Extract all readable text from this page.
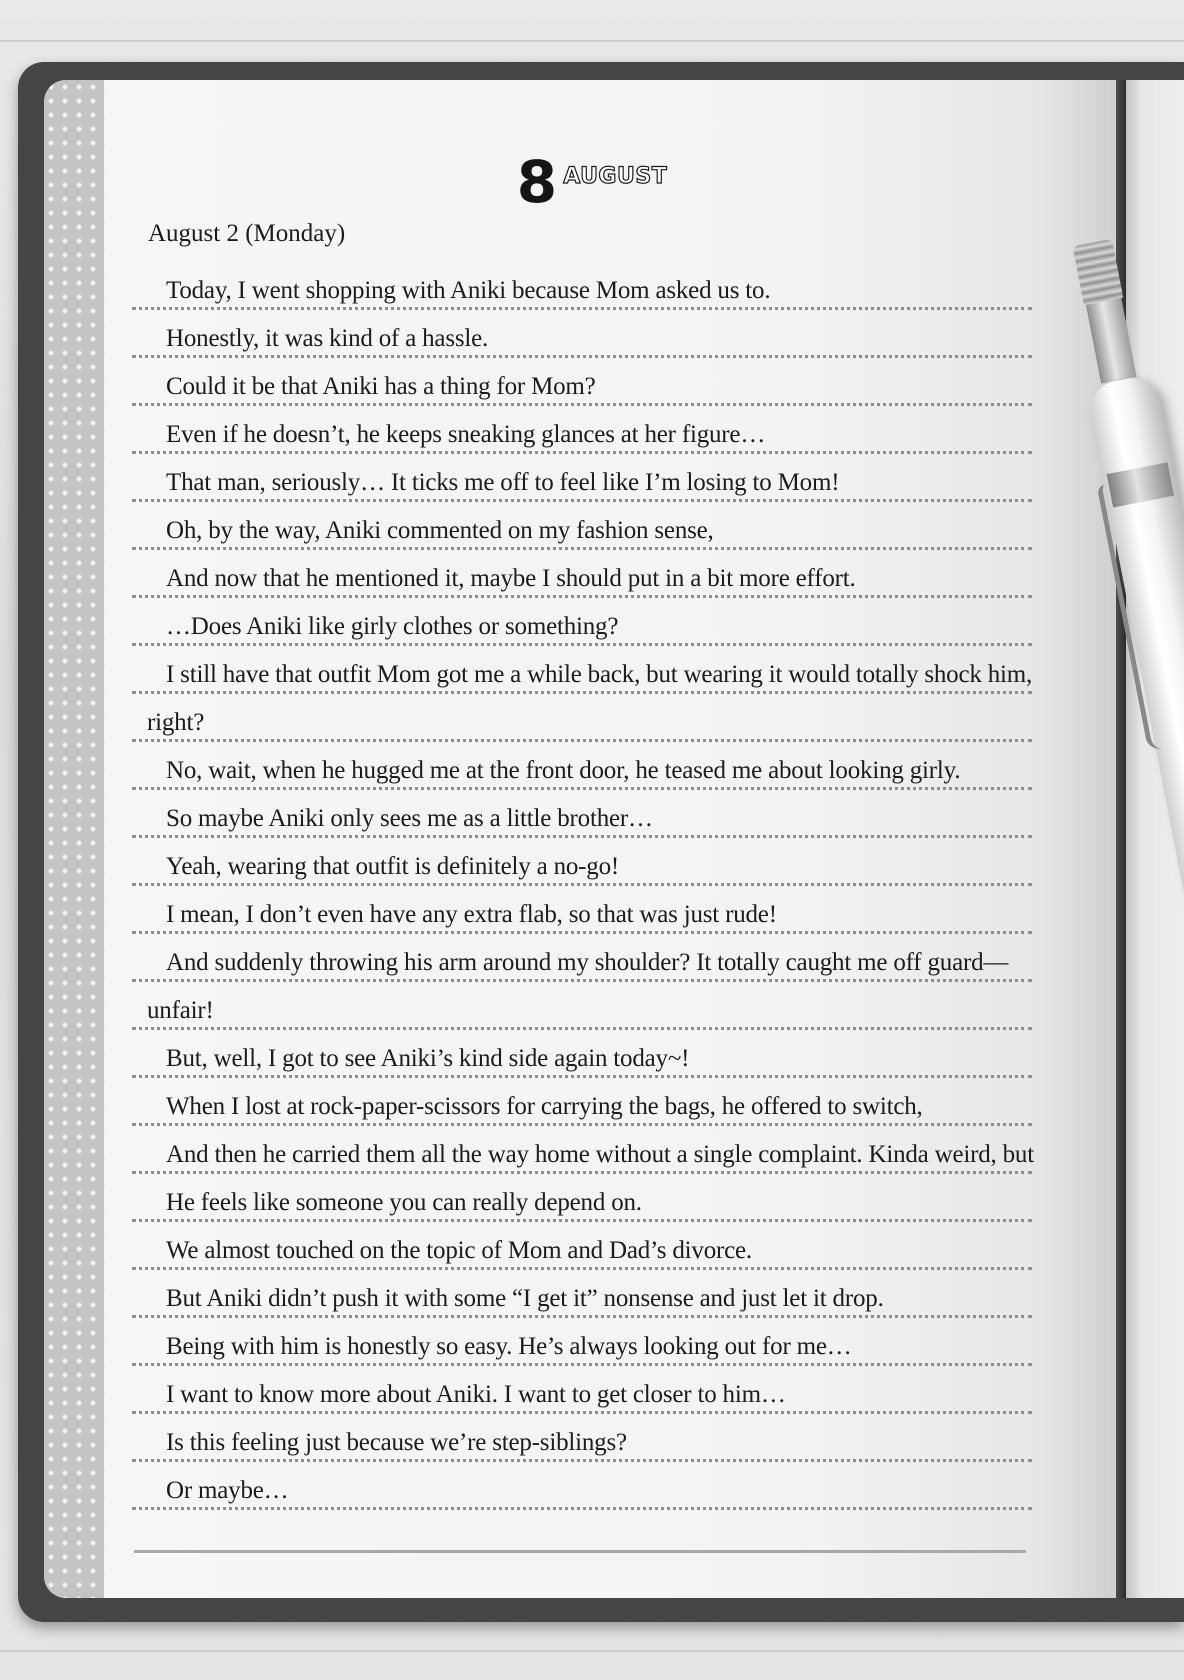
8 AUGUST
August 2 (Monday)
Today, I went shopping with Aniki because Mom asked us to.
Honestly, it was kind of a hassle.
Could it be that Aniki has a thing for Mom?
Even if he doesn’t, he keeps sneaking glances at her figure…
That man, seriously… It ticks me off to feel like I’m losing to Mom!
Oh, by the way, Aniki commented on my fashion sense,
And now that he mentioned it, maybe I should put in a bit more effort.
…Does Aniki like girly clothes or something?
I still have that outfit Mom got me a while back, but wearing it would totally shock him,
right?
No, wait, when he hugged me at the front door, he teased me about looking girly.
So maybe Aniki only sees me as a little brother…
Yeah, wearing that outfit is definitely a no-go!
I mean, I don’t even have any extra flab, so that was just rude!
And suddenly throwing his arm around my shoulder? It totally caught me off guard—
unfair!
But, well, I got to see Aniki’s kind side again today~!
When I lost at rock-paper-scissors for carrying the bags, he offered to switch,
And then he carried them all the way home without a single complaint. Kinda weird, but
He feels like someone you can really depend on.
We almost touched on the topic of Mom and Dad’s divorce.
But Aniki didn’t push it with some “I get it” nonsense and just let it drop.
Being with him is honestly so easy. He’s always looking out for me…
I want to know more about Aniki. I want to get closer to him…
Is this feeling just because we’re step-siblings?
Or maybe…
